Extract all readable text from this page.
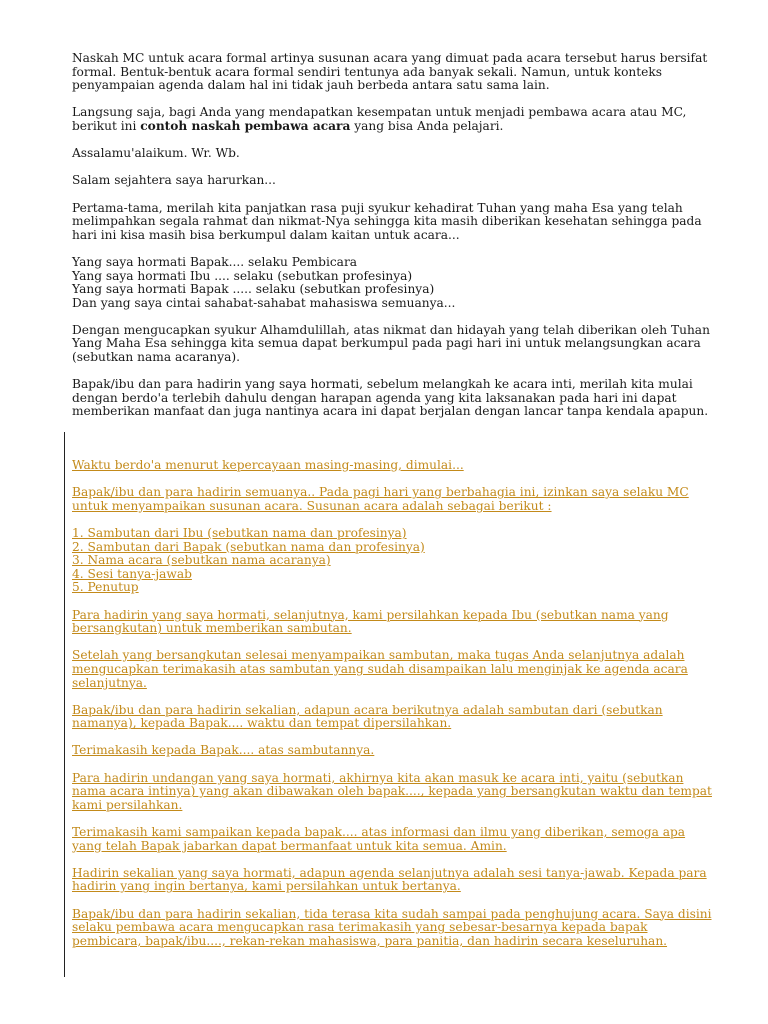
Naskah MC untuk acara formal artinya susunan acara yang dimuat pada acara tersebut harus bersifat formal. Bentuk-bentuk acara formal sendiri tentunya ada banyak sekali. Namun, untuk konteks penyampaian agenda dalam hal ini tidak jauh berbeda antara satu sama lain.

Langsung saja, bagi Anda yang mendapatkan kesempatan untuk menjadi pembawa acara atau MC, berikut ini contoh naskah pembawa acara yang bisa Anda pelajari.

Assalamu'alaikum. Wr. Wb.

Salam sejahtera saya harurkan...

Pertama-tama, merilah kita panjatkan rasa puji syukur kehadirat Tuhan yang maha Esa yang telah melimpahkan segala rahmat dan nikmat-Nya sehingga kita masih diberikan kesehatan sehingga pada hari ini kisa masih bisa berkumpul dalam kaitan untuk acara...

Yang saya hormati Bapak.... selaku Pembicara
Yang saya hormati Ibu .... selaku (sebutkan profesinya)
Yang saya hormati Bapak ..... selaku (sebutkan profesinya)
Dan yang saya cintai sahabat-sahabat mahasiswa semuanya...

Dengan mengucapkan syukur Alhamdulillah, atas nikmat dan hidayah yang telah diberikan oleh Tuhan Yang Maha Esa sehingga kita semua dapat berkumpul pada pagi hari ini untuk melangsungkan acara (sebutkan nama acaranya).

Bapak/ibu dan para hadirin yang saya hormati, sebelum melangkah ke acara inti, merilah kita mulai dengan berdo'a terlebih dahulu dengan harapan agenda yang kita laksanakan pada hari ini dapat memberikan manfaat dan juga nantinya acara ini dapat berjalan dengan lancar tanpa kendala apapun.

Waktu berdo'a menurut kepercayaan masing-masing, dimulai...

Bapak/ibu dan para hadirin semuanya.. Pada pagi hari yang berbahagia ini, izinkan saya selaku MC untuk menyampaikan susunan acara. Susunan acara adalah sebagai berikut :

1. Sambutan dari Ibu (sebutkan nama dan profesinya)
2. Sambutan dari Bapak (sebutkan nama dan profesinya)
3. Nama acara (sebutkan nama acaranya)
4. Sesi tanya-jawab
5. Penutup

Para hadirin yang saya hormati, selanjutnya, kami persilahkan kepada Ibu (sebutkan nama yang bersangkutan) untuk memberikan sambutan.

Setelah yang bersangkutan selesai menyampaikan sambutan, maka tugas Anda selanjutnya adalah mengucapkan terimakasih atas sambutan yang sudah disampaikan lalu menginjak ke agenda acara selanjutnya.

Bapak/ibu dan para hadirin sekalian, adapun acara berikutnya adalah sambutan dari (sebutkan namanya), kepada Bapak.... waktu dan tempat dipersilahkan.

Terimakasih kepada Bapak.... atas sambutannya.

Para hadirin undangan yang saya hormati, akhirnya kita akan masuk ke acara inti, yaitu (sebutkan nama acara intinya) yang akan dibawakan oleh bapak...., kepada yang bersangkutan waktu dan tempat kami persilahkan.

Terimakasih kami sampaikan kepada bapak.... atas informasi dan ilmu yang diberikan, semoga apa yang telah Bapak jabarkan dapat bermanfaat untuk kita semua. Amin.

Hadirin sekalian yang saya hormati, adapun agenda selanjutnya adalah sesi tanya-jawab. Kepada para hadirin yang ingin bertanya, kami persilahkan untuk bertanya.

Bapak/ibu dan para hadirin sekalian, tida terasa kita sudah sampai pada penghujung acara. Saya disini selaku pembawa acara mengucapkan rasa terimakasih yang sebesar-besarnya kepada bapak pembicara, bapak/ibu...., rekan-rekan mahasiswa, para panitia, dan hadirin secara keseluruhan.
